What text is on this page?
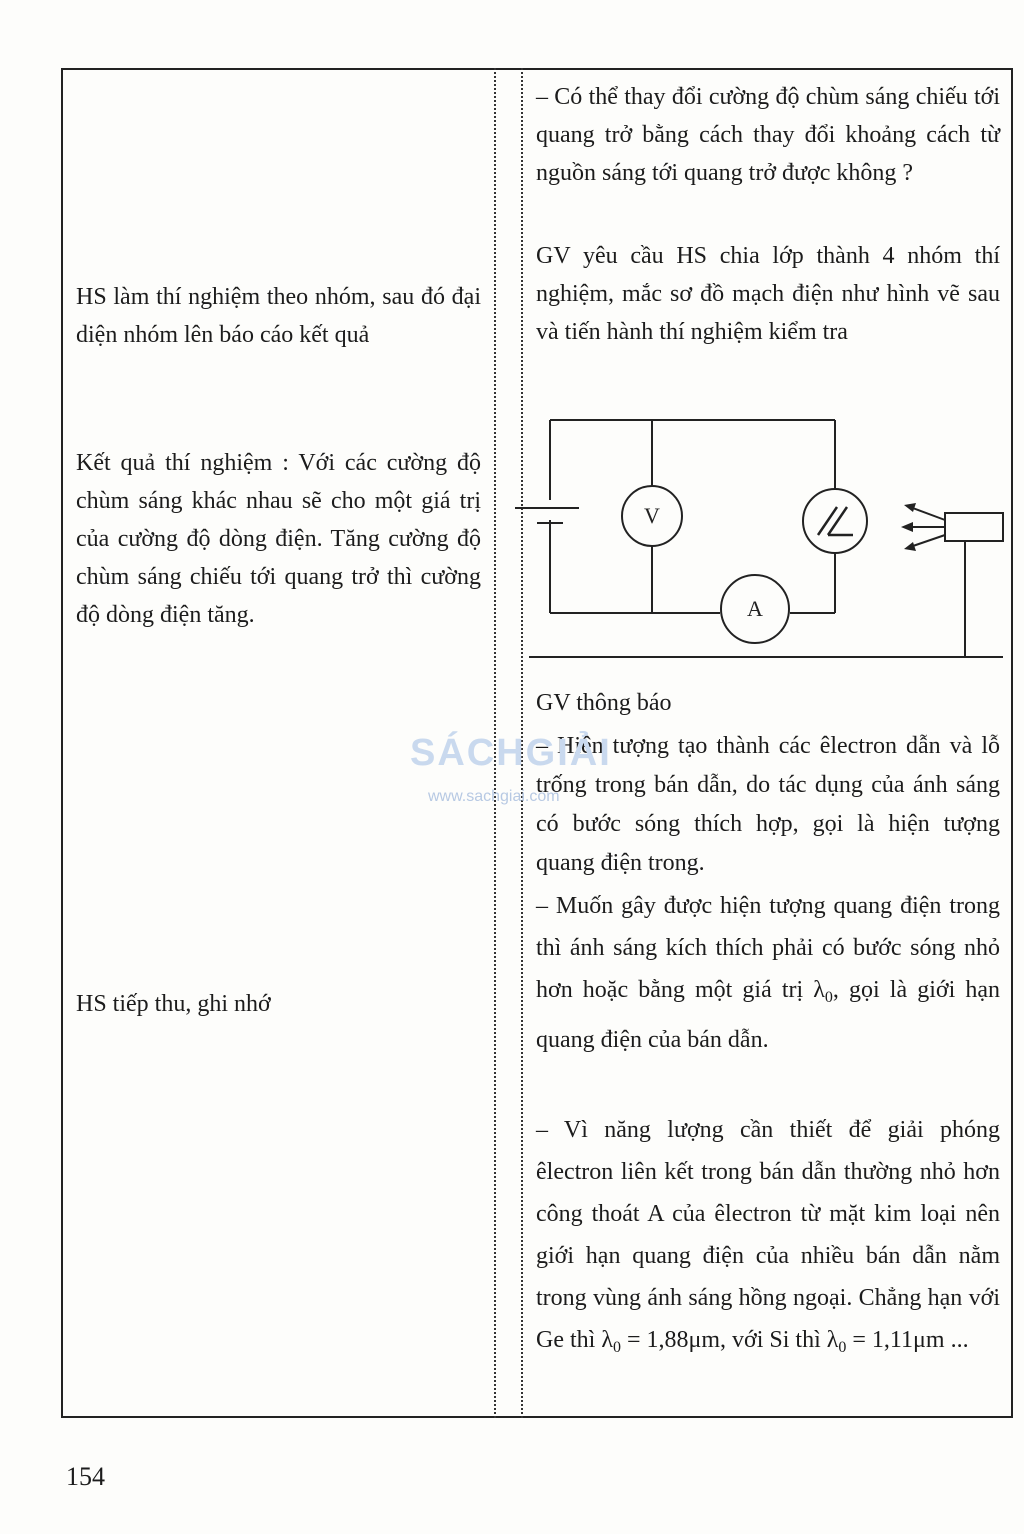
HS làm thí nghiệm theo nhóm, sau đó đại diện nhóm lên báo cáo kết quả

Kết quả thí nghiệm : Với các cường độ chùm sáng khác nhau sẽ cho một giá trị của cường độ dòng điện. Tăng cường độ chùm sáng chiếu tới quang trở thì cường độ dòng điện tăng.

HS tiếp thu, ghi nhớ

– Có thể thay đổi cường độ chùm sáng chiếu tới quang trở bằng cách thay đổi khoảng cách từ nguồn sáng tới quang trở được không ?

GV yêu cầu HS chia lớp thành 4 nhóm thí nghiệm, mắc sơ đồ mạch điện như hình vẽ sau và tiến hành thí nghiệm kiểm tra

V
A

GV thông báo

– Hiện tượng tạo thành các êlectron dẫn và lỗ trống trong bán dẫn, do tác dụng của ánh sáng có bước sóng thích hợp, gọi là hiện tượng quang điện trong.

– Muốn gây được hiện tượng quang điện trong thì ánh sáng kích thích phải có bước sóng nhỏ hơn hoặc bằng một giá trị $\lambda_0$, gọi là giới hạn quang điện của bán dẫn.

– Vì năng lượng cần thiết để giải phóng êlectron liên kết trong bán dẫn thường nhỏ hơn công thoát A của êlectron từ mặt kim loại nên giới hạn quang điện của nhiều bán dẫn nằm trong vùng ánh sáng hồng ngoại. Chẳng hạn với Ge thì $\lambda_0 = 1,88\mu m$, với Si thì $\lambda_0 = 1,11\mu m$ ...

SÁCHGIẢI
www.sachgiai.com
154
